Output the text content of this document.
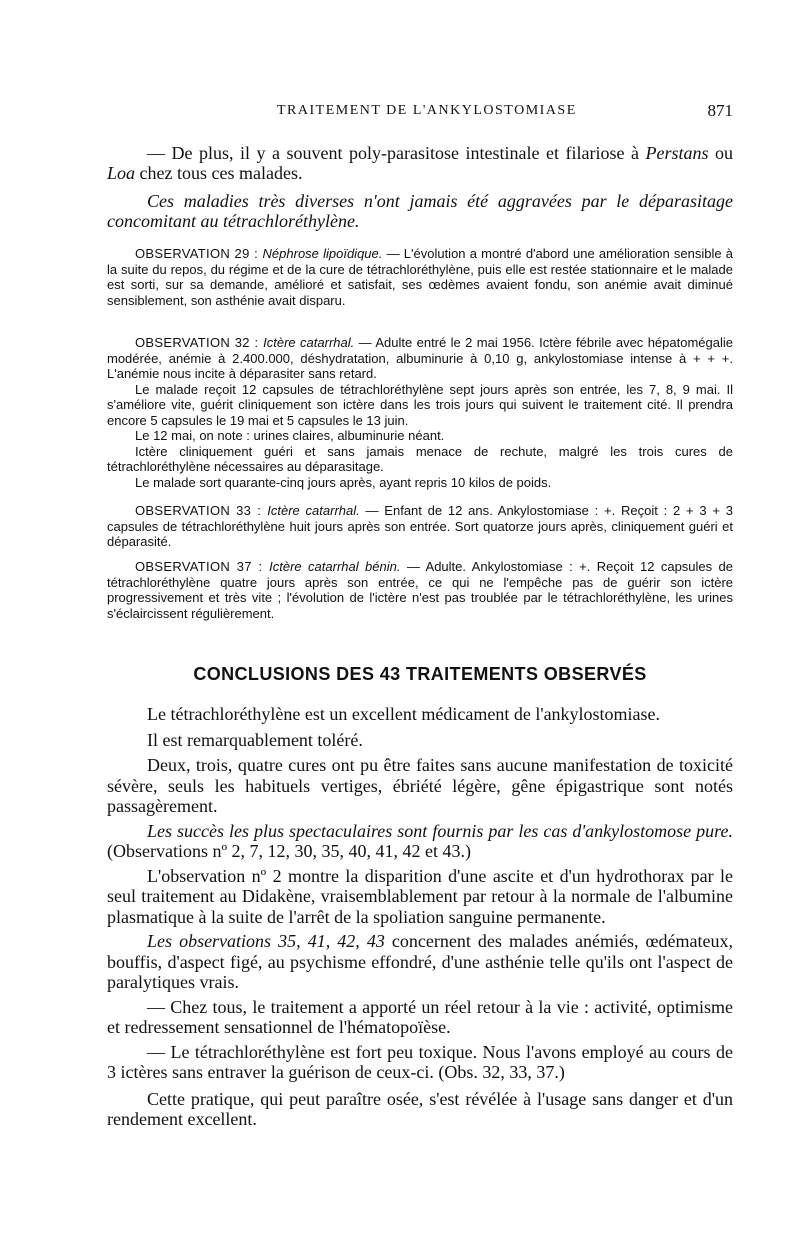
TRAITEMENT DE L'ANKYLOSTOMIASE	871

— De plus, il y a souvent poly-parasitose intestinale et filariose à Perstans ou Loa chez tous ces malades.

Ces maladies très diverses n'ont jamais été aggravées par le déparasitage concomitant au tétrachloréthylène.

OBSERVATION 29 : Néphrose lipoïdique. — L'évolution a montré d'abord une amélioration sensible à la suite du repos, du régime et de la cure de tétrachloréthylène, puis elle est restée stationnaire et le malade est sorti, sur sa demande, amélioré et satisfait, ses œdèmes avaient fondu, son anémie avait diminué sensiblement, son asthénie avait disparu.

OBSERVATION 32 : Ictère catarrhal. — Adulte entré le 2 mai 1956. Ictère fébrile avec hépatomégalie modérée, anémie à 2.400.000, déshydratation, albuminurie à 0,10 g, ankylostomiase intense à + + +. L'anémie nous incite à déparasiter sans retard.

Le malade reçoit 12 capsules de tétrachloréthylène sept jours après son entrée, les 7, 8, 9 mai. Il s'améliore vite, guérit cliniquement son ictère dans les trois jours qui suivent le traitement cité. Il prendra encore 5 capsules le 19 mai et 5 capsules le 13 juin.

Le 12 mai, on note : urines claires, albuminurie néant.

Ictère cliniquement guéri et sans jamais menace de rechute, malgré les trois cures de tétrachloréthylène nécessaires au déparasitage.

Le malade sort quarante-cinq jours après, ayant repris 10 kilos de poids.

OBSERVATION 33 : Ictère catarrhal. — Enfant de 12 ans. Ankylostomiase : +. Reçoit : 2 + 3 + 3 capsules de tétrachloréthylène huit jours après son entrée. Sort quatorze jours après, cliniquement guéri et déparasité.

OBSERVATION 37 : Ictère catarrhal bénin. — Adulte. Ankylostomiase : +. Reçoit 12 capsules de tétrachloréthylène quatre jours après son entrée, ce qui ne l'empêche pas de guérir son ictère progressivement et très vite ; l'évolution de l'ictère n'est pas troublée par le tétrachloréthylène, les urines s'éclaircissent régulièrement.

CONCLUSIONS DES 43 TRAITEMENTS OBSERVÉS

Le tétrachloréthylène est un excellent médicament de l'ankylostomiase.

Il est remarquablement toléré.

Deux, trois, quatre cures ont pu être faites sans aucune manifestation de toxicité sévère, seuls les habituels vertiges, ébriété légère, gêne épigastrique sont notés passagèrement.

Les succès les plus spectaculaires sont fournis par les cas d'ankylostomose pure. (Observations nº 2, 7, 12, 30, 35, 40, 41, 42 et 43.)

L'observation nº 2 montre la disparition d'une ascite et d'un hydrothorax par le seul traitement au Didakène, vraisemblablement par retour à la normale de l'albumine plasmatique à la suite de l'arrêt de la spoliation sanguine permanente.

Les observations 35, 41, 42, 43 concernent des malades anémiés, œdémateux, bouffis, d'aspect figé, au psychisme effondré, d'une asthénie telle qu'ils ont l'aspect de paralytiques vrais.

— Chez tous, le traitement a apporté un réel retour à la vie : activité, optimisme et redressement sensationnel de l'hématopoïèse.

— Le tétrachloréthylène est fort peu toxique. Nous l'avons employé au cours de 3 ictères sans entraver la guérison de ceux-ci. (Obs. 32, 33, 37.)

Cette pratique, qui peut paraître osée, s'est révélée à l'usage sans danger et d'un rendement excellent.
